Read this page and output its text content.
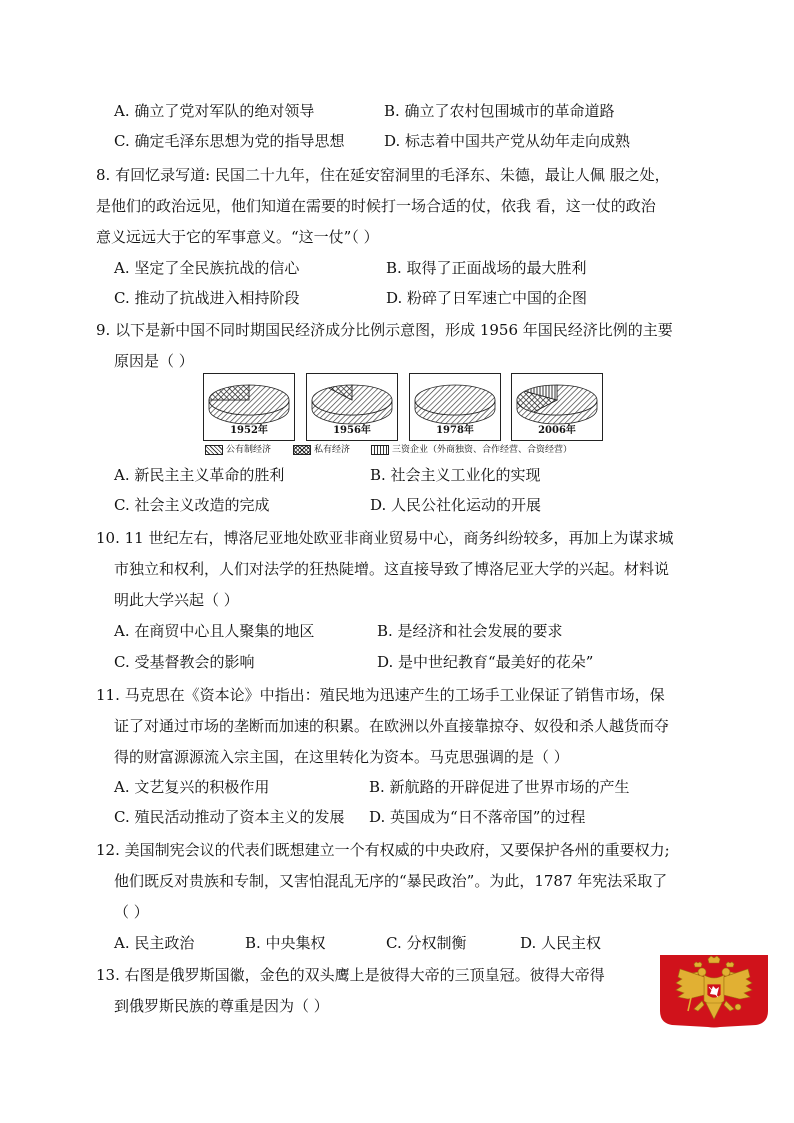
A. 确立了党对军队的绝对领导	B. 确立了农村包围城市的革命道路
C. 确定毛泽东思想为党的指导思想	D. 标志着中国共产党从幼年走向成熟
8. 有回忆录写道: 民国二十九年，住在延安窑洞里的毛泽东、朱德，最让人佩 服之处，
是他们的政治远见，他们知道在需要的时候打一场合适的仗，依我 看，这一仗的政治
意义远远大于它的军事意义。“这一仗”（ ）
A. 坚定了全民族抗战的信心	B. 取得了正面战场的最大胜利
C. 推动了抗战进入相持阶段	D. 粉碎了日军速亡中国的企图
9. 以下是新中国不同时期国民经济成分比例示意图，形成 1956 年国民经济比例的主要
原因是（ ）
公有制经济	私有经济	三资企业（外商独资、合作经营、合资经营）
1952年	1956年	1978年	2006年
A. 新民主主义革命的胜利	B. 社会主义工业化的实现
C. 社会主义改造的完成	D. 人民公社化运动的开展
10. 11 世纪左右，博洛尼亚地处欧亚非商业贸易中心，商务纠纷较多，再加上为谋求城
市独立和权利，人们对法学的狂热陡增。这直接导致了博洛尼亚大学的兴起。材料说
明此大学兴起（ ）
A. 在商贸中心且人聚集的地区	B. 是经济和社会发展的要求
C. 受基督教会的影响	D. 是中世纪教育“最美好的花朵”
11. 马克思在《资本论》中指出：殖民地为迅速产生的工场手工业保证了销售市场，保
证了对通过市场的垄断而加速的积累。在欧洲以外直接靠掠夺、奴役和杀人越货而夺
得的财富源源流入宗主国，在这里转化为资本。马克思强调的是（ ）
A. 文艺复兴的积极作用	B. 新航路的开辟促进了世界市场的产生
C. 殖民活动推动了资本主义的发展 D. 英国成为“日不落帝国”的过程
12. 美国制宪会议的代表们既想建立一个有权威的中央政府，又要保护各州的重要权力;
他们既反对贵族和专制，又害怕混乱无序的“暴民政治”。为此，1787 年宪法采取了
（ ）
A. 民主政治	B. 中央集权	C. 分权制衡	D. 人民主权
13. 右图是俄罗斯国徽，金色的双头鹰上是彼得大帝的三顶皇冠。彼得大帝得
到俄罗斯民族的尊重是因为（ ）
